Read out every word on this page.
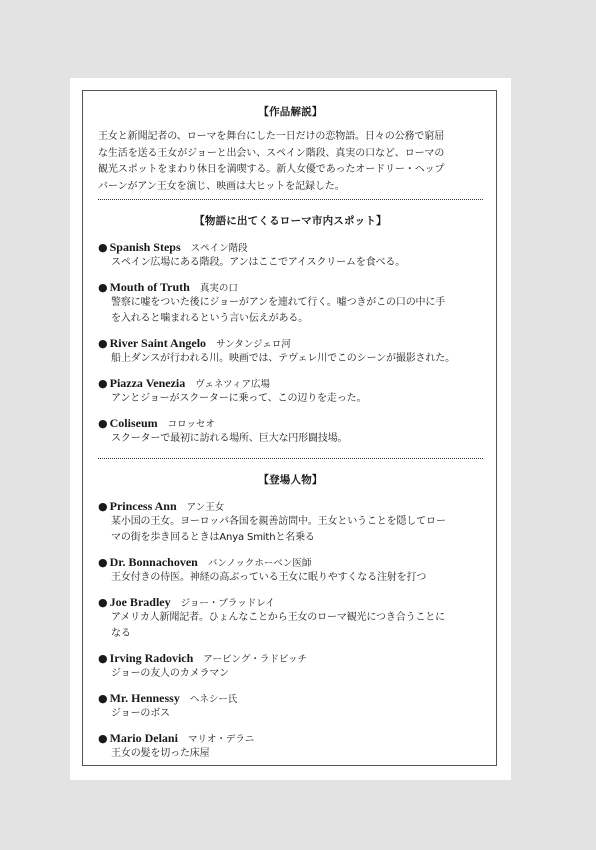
【作品解説】
王女と新聞記者の、ローマを舞台にした一日だけの恋物語。日々の公務で窮屈
な生活を送る王女がジョーと出会い、スペイン階段、真実の口など、ローマの
観光スポットをまわり休日を満喫する。新人女優であったオードリー・ヘップ
バーンがアン王女を演じ、映画は大ヒットを記録した。
【物語に出てくるローマ市内スポット】
● Spanish Steps スペイン階段
スペイン広場にある階段。アンはここでアイスクリームを食べる。
● Mouth of Truth 真実の口
警察に嘘をついた後にジョーがアンを連れて行く。嘘つきがこの口の中に手
を入れると噛まれるという言い伝えがある。
● River Saint Angelo サンタンジェロ河
船上ダンスが行われる川。映画では、テヴェレ川でこのシーンが撮影された。
● Piazza Venezia ヴェネツィア広場
アンとジョーがスクーターに乗って、この辺りを走った。
● Coliseum コロッセオ
スクーターで最初に訪れる場所、巨大な円形闘技場。
【登場人物】
● Princess Ann アン王女
某小国の王女。ヨーロッパ各国を親善訪問中。王女ということを隠してロー
マの街を歩き回るときはAnya Smithと名乗る
● Dr. Bonnachoven バンノックホーベン医師
王女付きの侍医。神経の高ぶっている王女に眠りやすくなる注射を打つ
● Joe Bradley ジョー・ブラッドレイ
アメリカ人新聞記者。ひょんなことから王女のローマ観光につき合うことに
なる
● Irving Radovich アービング・ラドビッチ
ジョーの友人のカメラマン
● Mr. Hennessy ヘネシー氏
ジョーのボス
● Mario Delani マリオ・デラニ
王女の髪を切った床屋
